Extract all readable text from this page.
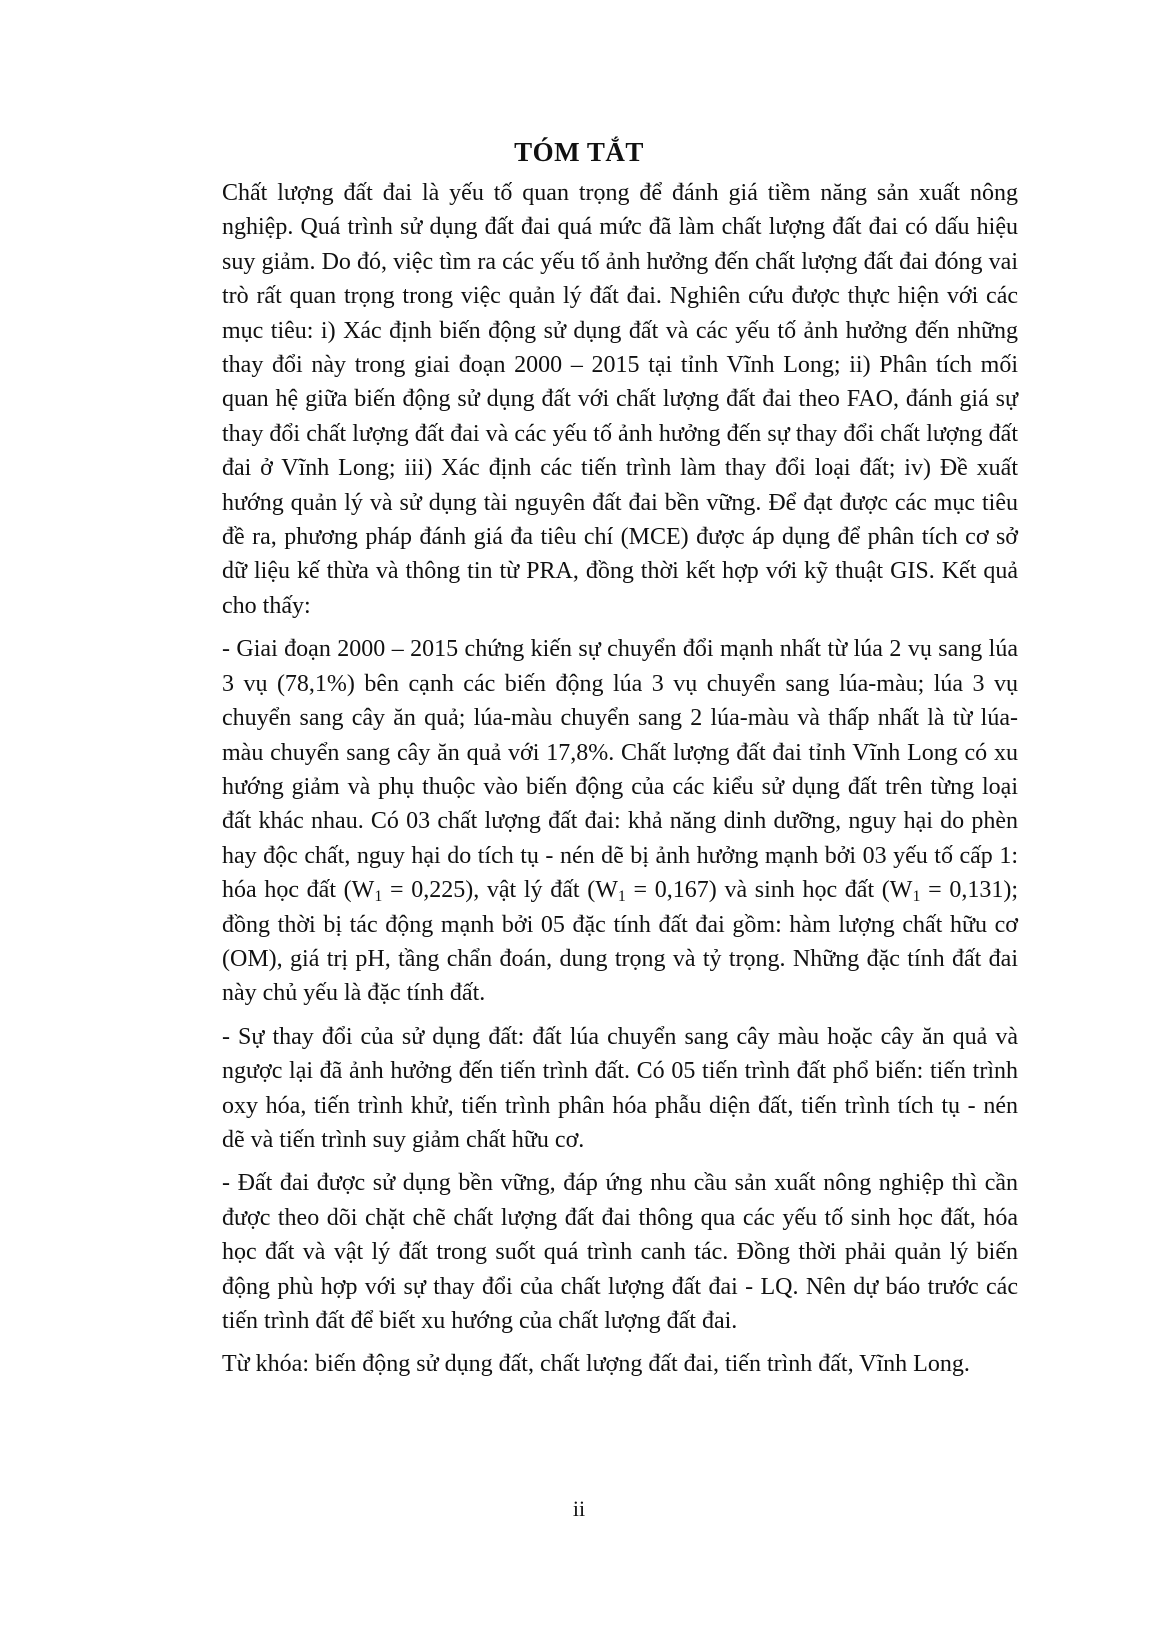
TÓM TẮT

Chất lượng đất đai là yếu tố quan trọng để đánh giá tiềm năng sản xuất nông nghiệp. Quá trình sử dụng đất đai quá mức đã làm chất lượng đất đai có dấu hiệu suy giảm. Do đó, việc tìm ra các yếu tố ảnh hưởng đến chất lượng đất đai đóng vai trò rất quan trọng trong việc quản lý đất đai. Nghiên cứu được thực hiện với các mục tiêu: i) Xác định biến động sử dụng đất và các yếu tố ảnh hưởng đến những thay đổi này trong giai đoạn 2000 – 2015 tại tỉnh Vĩnh Long; ii) Phân tích mối quan hệ giữa biến động sử dụng đất với chất lượng đất đai theo FAO, đánh giá sự thay đổi chất lượng đất đai và các yếu tố ảnh hưởng đến sự thay đổi chất lượng đất đai ở Vĩnh Long; iii) Xác định các tiến trình làm thay đổi loại đất; iv) Đề xuất hướng quản lý và sử dụng tài nguyên đất đai bền vững. Để đạt được các mục tiêu đề ra, phương pháp đánh giá đa tiêu chí (MCE) được áp dụng để phân tích cơ sở dữ liệu kế thừa và thông tin từ PRA, đồng thời kết hợp với kỹ thuật GIS. Kết quả cho thấy:

- Giai đoạn 2000 – 2015 chứng kiến sự chuyển đổi mạnh nhất từ lúa 2 vụ sang lúa 3 vụ (78,1%) bên cạnh các biến động lúa 3 vụ chuyển sang lúa-màu; lúa 3 vụ chuyển sang cây ăn quả; lúa-màu chuyển sang 2 lúa-màu và thấp nhất là từ lúa-màu chuyển sang cây ăn quả với 17,8%. Chất lượng đất đai tỉnh Vĩnh Long có xu hướng giảm và phụ thuộc vào biến động của các kiểu sử dụng đất trên từng loại đất khác nhau. Có 03 chất lượng đất đai: khả năng dinh dưỡng, nguy hại do phèn hay độc chất, nguy hại do tích tụ - nén dẽ bị ảnh hưởng mạnh bởi 03 yếu tố cấp 1: hóa học đất $(W_1 = 0,225)$, vật lý đất $(W_1 = 0,167)$ và sinh học đất $(W_1 = 0,131)$; đồng thời bị tác động mạnh bởi 05 đặc tính đất đai gồm: hàm lượng chất hữu cơ (OM), giá trị pH, tầng chẩn đoán, dung trọng và tỷ trọng. Những đặc tính đất đai này chủ yếu là đặc tính đất.

- Sự thay đổi của sử dụng đất: đất lúa chuyển sang cây màu hoặc cây ăn quả và ngược lại đã ảnh hưởng đến tiến trình đất. Có 05 tiến trình đất phổ biến: tiến trình oxy hóa, tiến trình khử, tiến trình phân hóa phẫu diện đất, tiến trình tích tụ - nén dẽ và tiến trình suy giảm chất hữu cơ.

- Đất đai được sử dụng bền vững, đáp ứng nhu cầu sản xuất nông nghiệp thì cần được theo dõi chặt chẽ chất lượng đất đai thông qua các yếu tố sinh học đất, hóa học đất và vật lý đất trong suốt quá trình canh tác. Đồng thời phải quản lý biến động phù hợp với sự thay đổi của chất lượng đất đai - LQ. Nên dự báo trước các tiến trình đất để biết xu hướng của chất lượng đất đai.

Từ khóa: biến động sử dụng đất, chất lượng đất đai, tiến trình đất, Vĩnh Long.

ii
